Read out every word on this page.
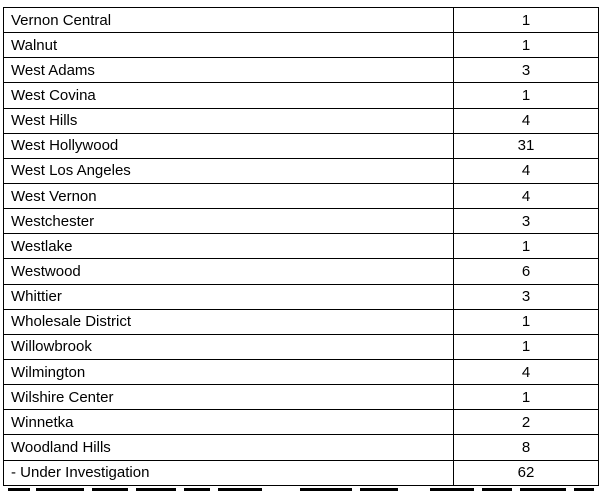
Vernon Central	1
Walnut	1
West Adams	3
West Covina	1
West Hills	4
West Hollywood	31
West Los Angeles	4
West Vernon	4
Westchester	3
Westlake	1
Westwood	6
Whittier	3
Wholesale District	1
Willowbrook	1
Wilmington	4
Wilshire Center	1
Winnetka	2
Woodland Hills	8
- Under Investigation	62
